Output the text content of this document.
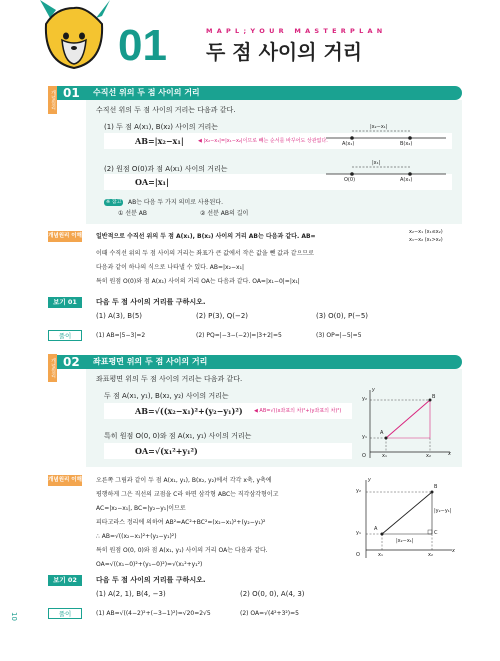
01	M A P L ; Y O U R   M A S T E R P L A N
두 점 사이의 거리
개념원리 01 수직선 위의 두 점 사이의 거리
수직선 위의 두 점 사이의 거리는 다음과 같다.
(1) 두 점 A(x₁), B(x₂) 사이의 거리는
AB=|x₂−x₁|	◀ |x₂−x₁|=|x₁−x₂|이므로 빼는 순서를 바꾸어도 상관없다.
|x₂−x₁|
A(x₁)	B(x₂)
(2) 원점 O(0)과 점 A(x₁) 사이의 거리는
OA=|x₁|
|x₁|
O(0)	A(x₁)
※ 참고	AB는 다음 두 가지 의미로 사용된다.
① 선분 AB	② 선분 AB의 길이
개념원리 이해 일반적으로 수직선 위의 두 점 A(x₁), B(x₂) 사이의 거리 AB는 다음과 같다. AB=
x₂−x₁ (x₁≤x₂)
x₁−x₂ (x₁>x₂)
이때 수직선 위의 두 점 사이의 거리는 좌표가 큰 값에서 작은 값을 뺀 값과 같으므로
다음과 같이 하나의 식으로 나타낼 수 있다. AB=|x₂−x₁|
특히 원점 O(0)와 점 A(x₁) 사이의 거리 OA는 다음과 같다. OA=|x₁−0|=|x₁|
보기 01	다음 두 점 사이의 거리를 구하시오.
(1) A(3), B(5)	(2) P(3), Q(−2)	(3) O(0), P(−5)
풀이	(1) AB=|5−3|=2	(2) PQ=|−3−(−2)|=|3+2|=5	(3) OP=|−5|=5
개념원리 02 좌표평면 위의 두 점 사이의 거리
좌표평면 위의 두 점 사이의 거리는 다음과 같다.
두 점 A(x₁, y₁), B(x₂, y₂) 사이의 거리는
AB=√((x₂−x₁)²+(y₂−y₁)²) ◀ AB=√((x좌표의 차)²+(y좌표의 차)²)
특히 원점 O(0, 0)와 점 A(x₁, y₁) 사이의 거리는
OA=√(x₁²+y₁²)
y
x
O
y₂
y₁
x₁	x₂
A
B
개념원리 이해 오른쪽 그림과 같이 두 점 A(x₁, y₁), B(x₂, y₂)에서 각각 x축, y축에
평행하게 그은 직선의 교점을 C라 하면 삼각형 ABC는 직각삼각형이고
AC=|x₂−x₁|, BC=|y₂−y₁|이므로
피타고라스 정리에 의하여 AB²=AC²+BC²=(x₂−x₁)²+(y₂−y₁)²
∴ AB=√((x₂−x₁)²+(y₂−y₁)²)
특히 원점 O(0, 0)와 점 A(x₁, y₁) 사이의 거리 OA는 다음과 같다.
OA=√((x₁−0)²+(y₁−0)²)=√(x₁²+y₁²)
y
x
O
y₂
y₁
x₁	x₂
A
B
C
|y₂−y₁|
|x₂−x₁|
보기 02	다음 두 점 사이의 거리를 구하시오.
(1) A(2, 1), B(4, −3)	(2) O(0, 0), A(4, 3)
풀이	(1) AB=√((4−2)²+(−3−1)²)=√20=2√5	(2) OA=√(4²+3²)=5
10
